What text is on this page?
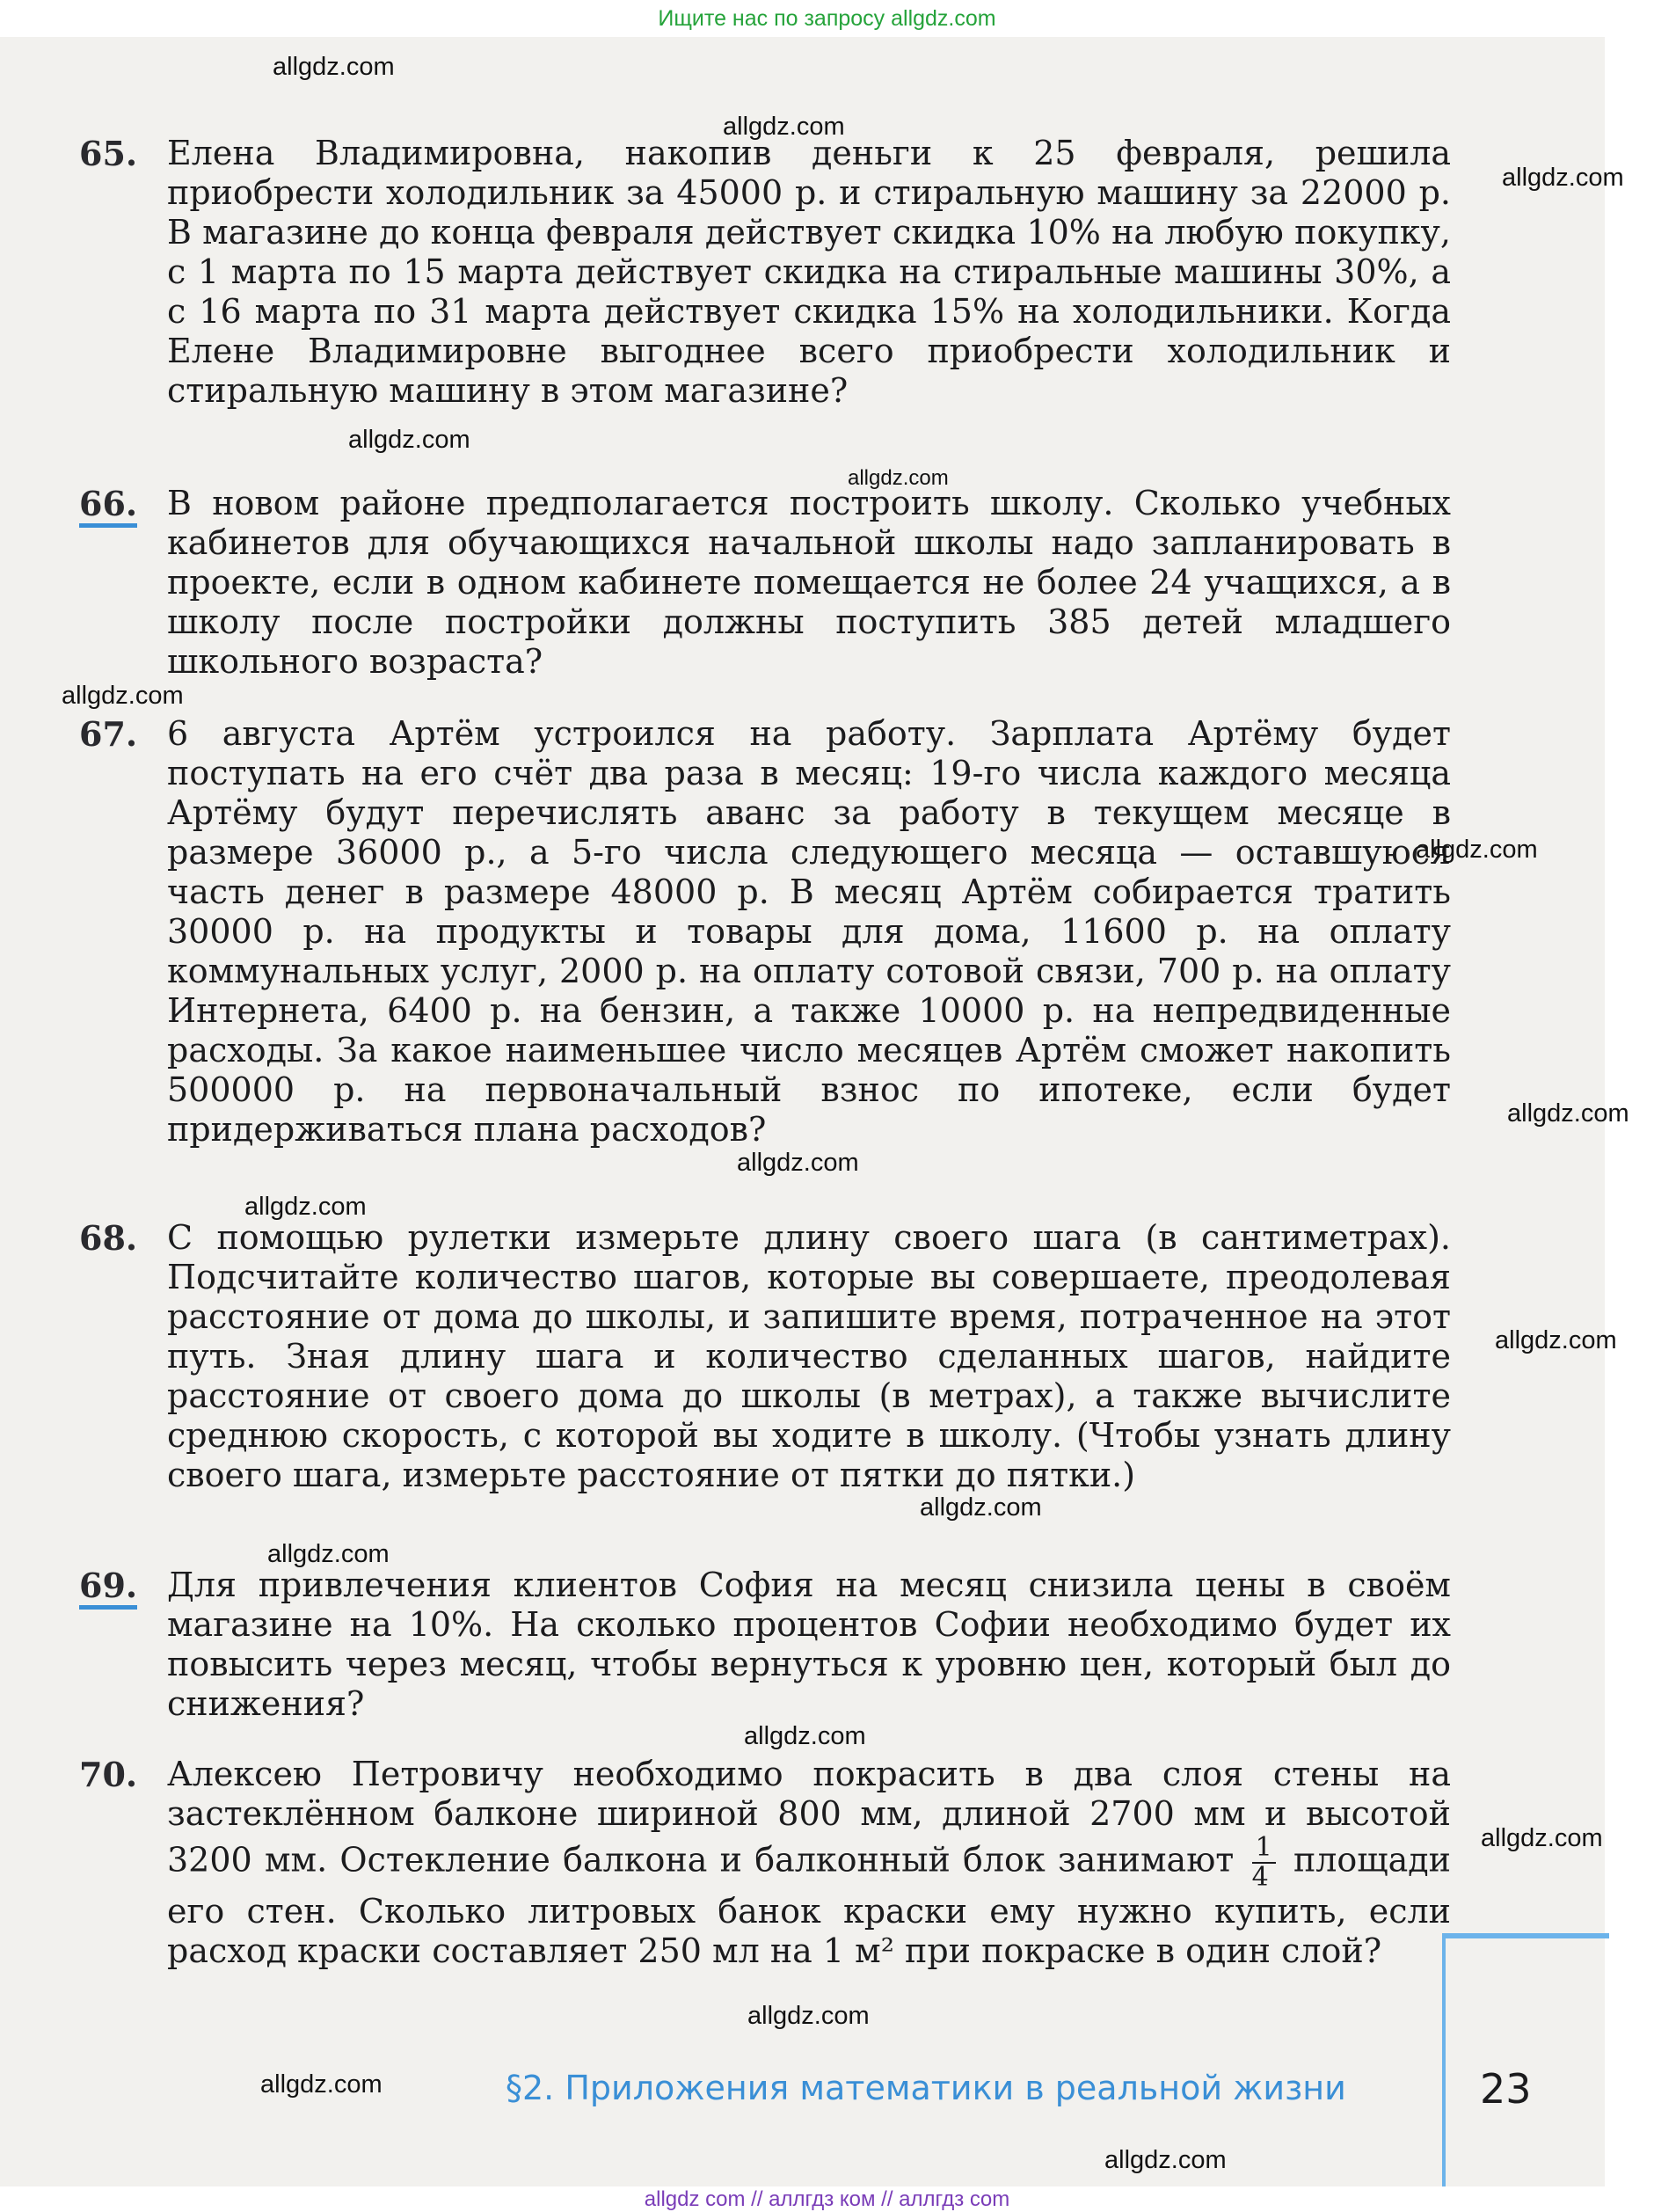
Ищите нас по запросу allgdz.com
65. Елена Владимировна, накопив деньги к 25 февраля, решила приобрести холодильник за 45000 р. и стиральную машину за 22000 р. В магазине до конца февраля действует скидка 10% на любую покупку, с 1 марта по 15 марта действует скидка на стиральные машины 30%, а с 16 марта по 31 марта действует скидка 15% на холодильники. Когда Елене Владимировне выгоднее всего приобрести холодильник и стиральную машину в этом магазине?
66. В новом районе предполагается построить школу. Сколько учебных кабинетов для обучающихся начальной школы надо запланировать в проекте, если в одном кабинете помещается не более 24 учащихся, а в школу после постройки должны поступить 385 детей младшего школьного возраста?
67. 6 августа Артём устроился на работу. Зарплата Артёму будет поступать на его счёт два раза в месяц: 19-го числа каждого месяца Артёму будут перечислять аванс за работу в текущем месяце в размере 36000 р., а 5-го числа следующего месяца — оставшуюся часть денег в размере 48000 р. В месяц Артём собирается тратить 30000 р. на продукты и товары для дома, 11600 р. на оплату коммунальных услуг, 2000 р. на оплату сотовой связи, 700 р. на оплату Интернета, 6400 р. на бензин, а также 10000 р. на непредвиденные расходы. За какое наименьшее число месяцев Артём сможет накопить 500000 р. на первоначальный взнос по ипотеке, если будет придерживаться плана расходов?
68. С помощью рулетки измерьте длину своего шага (в сантиметрах). Подсчитайте количество шагов, которые вы совершаете, преодолевая расстояние от дома до школы, и запишите время, потраченное на этот путь. Зная длину шага и количество сделанных шагов, найдите расстояние от своего дома до школы (в метрах), а также вычислите среднюю скорость, с которой вы ходите в школу. (Чтобы узнать длину своего шага, измерьте расстояние от пятки до пятки.)
69. Для привлечения клиентов София на месяц снизила цены в своём магазине на 10%. На сколько процентов Софии необходимо будет их повысить через месяц, чтобы вернуться к уровню цен, который был до снижения?
70. Алексею Петровичу необходимо покрасить в два слоя стены на застеклённом балконе шириной 800 мм, длиной 2700 мм и высотой 3200 мм. Остекление балкона и балконный блок занимают $\frac{1}{4}$ площади его стен. Сколько литровых банок краски ему нужно купить, если расход краски составляет 250 мл на 1 м² при покраске в один слой?
§2. Приложения математики в реальной жизни	23
allgdz.com
allgdz.com
allgdz.com
allgdz.com
allgdz.com
allgdz.com
allgdz.com
allgdz.com
allgdz.com
allgdz.com
allgdz.com
allgdz.com
allgdz.com
allgdz.com
allgdz.com
allgdz.com
allgdz.com
allgdz.com
allgdz com // аллгдз ком // аллгдз com
